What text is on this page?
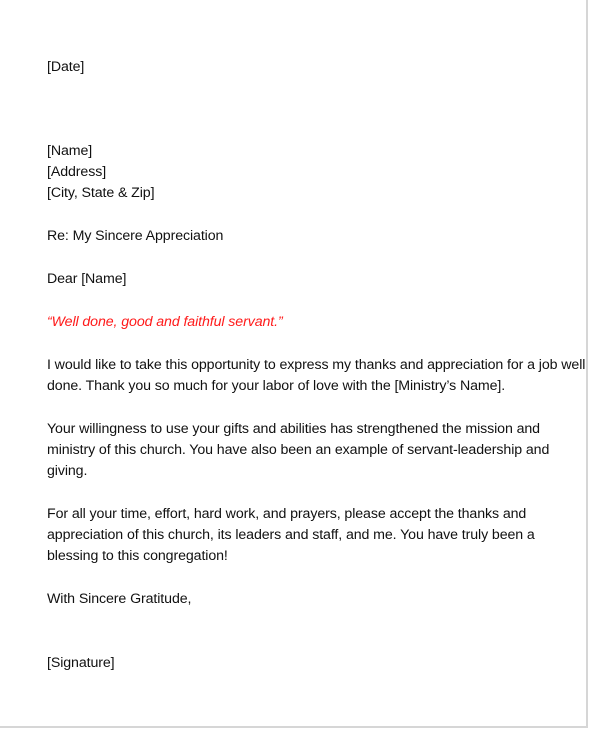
[Date]

[Name]

[Address]

[City, State & Zip]

Re: My Sincere Appreciation

Dear [Name]

“Well done, good and faithful servant.”

I would like to take this opportunity to express my thanks and appreciation for a job well

done. Thank you so much for your labor of love with the [Ministry’s Name].

Your willingness to use your gifts and abilities has strengthened the mission and

ministry of this church. You have also been an example of servant-leadership and

giving.

For all your time, effort, hard work, and prayers, please accept the thanks and

appreciation of this church, its leaders and staff, and me. You have truly been a

blessing to this congregation!

With Sincere Gratitude,

[Signature]
